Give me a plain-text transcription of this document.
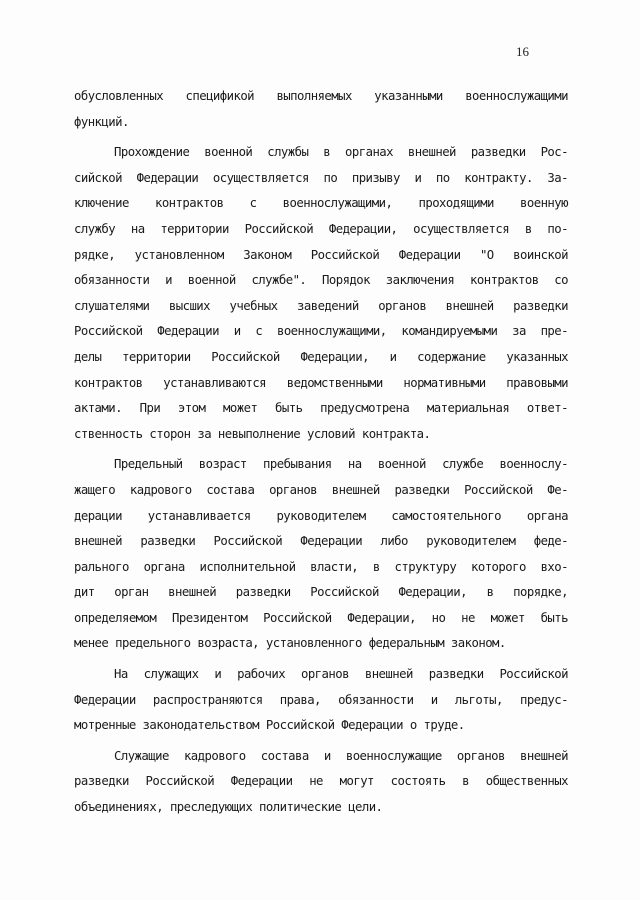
16
обусловленных спецификой выполняемых указанными военнослужащими
функций.
Прохождение военной службы в органах внешней разведки Рос-
сийской Федерации осуществляется по призыву и по контракту. За-
ключение контрактов с военнослужащими, проходящими военную
службу на территории Российской Федерации, осуществляется в по-
рядке, установленном Законом Российской Федерации "О воинской
обязанности и военной службе". Порядок заключения контрактов со
слушателями высших учебных заведений органов внешней разведки
Российской Федерации и с военнослужащими, командируемыми за пре-
делы территории Российской Федерации, и содержание указанных
контрактов устанавливаются ведомственными нормативными правовыми
актами. При этом может быть предусмотрена материальная ответ-
ственность сторон за невыполнение условий контракта.
Предельный возраст пребывания на военной службе военнослу-
жащего кадрового состава органов внешней разведки Российской Фе-
дерации устанавливается руководителем самостоятельного органа
внешней разведки Российской Федерации либо руководителем феде-
рального органа исполнительной власти, в структуру которого вхо-
дит орган внешней разведки Российской Федерации, в порядке,
определяемом Президентом Российской Федерации, но не может быть
менее предельного возраста, установленного федеральным законом.
На служащих и рабочих органов внешней разведки Российской
Федерации распространяются права, обязанности и льготы, предус-
мотренные законодательством Российской Федерации о труде.
Служащие кадрового состава и военнослужащие органов внешней
разведки Российской Федерации не могут состоять в общественных
объединениях, преследующих политические цели.
